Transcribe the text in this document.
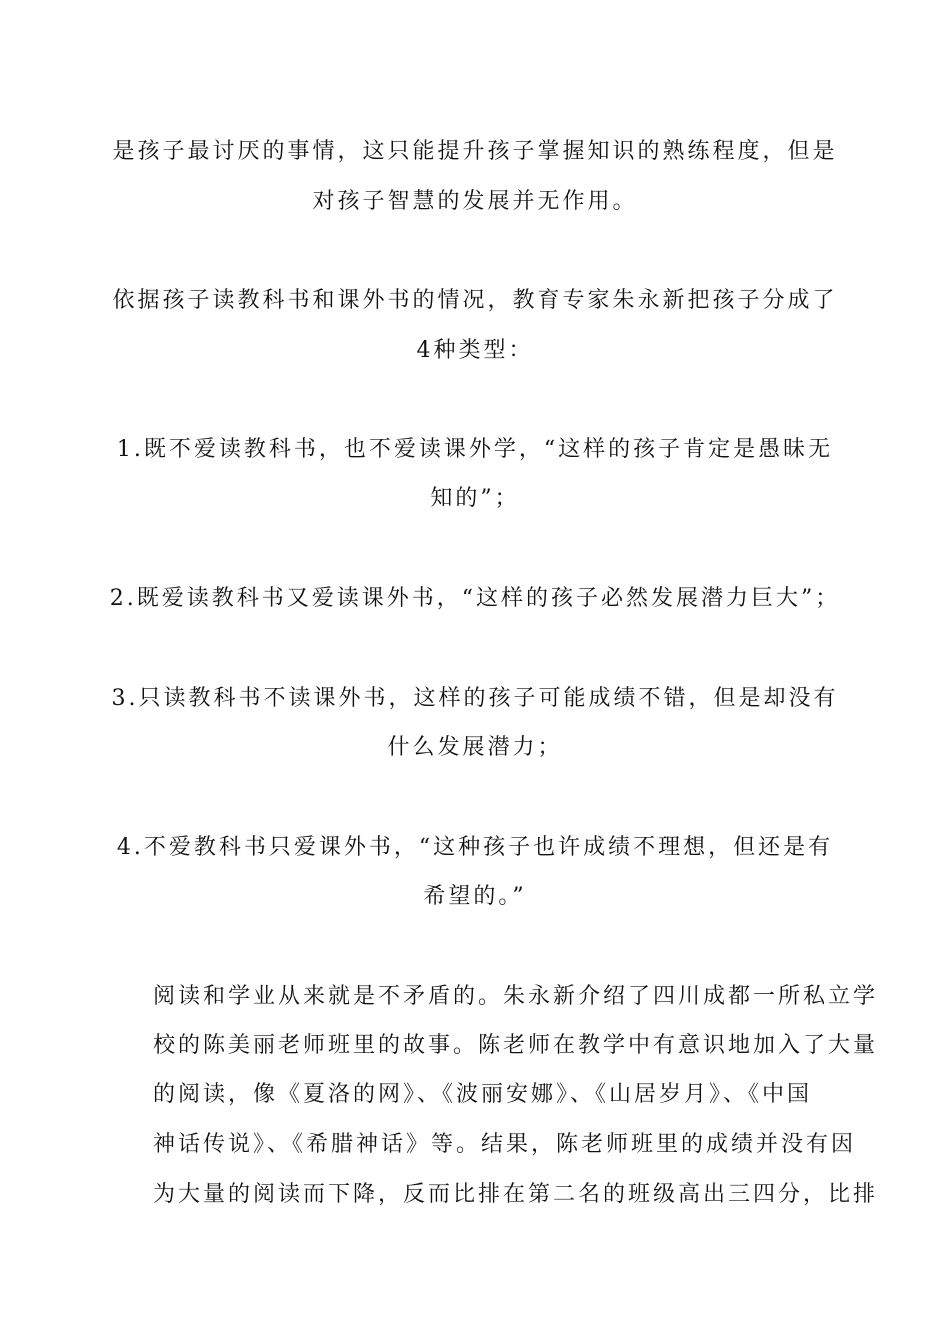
是孩子最讨厌的事情，这只能提升孩子掌握知识的熟练程度，但是
对孩子智慧的发展并无作用。
依据孩子读教科书和课外书的情况，教育专家朱永新把孩子分成了
4种类型：
1.既不爱读教科书，也不爱读课外学，“这样的孩子肯定是愚昧无
知的”；
2.既爱读教科书又爱读课外书，“这样的孩子必然发展潜力巨大”；
3.只读教科书不读课外书，这样的孩子可能成绩不错，但是却没有
什么发展潜力；
4.不爱教科书只爱课外书，“这种孩子也许成绩不理想，但还是有
希望的。”
阅读和学业从来就是不矛盾的。朱永新介绍了四川成都一所私立学
校的陈美丽老师班里的故事。陈老师在教学中有意识地加入了大量
的阅读，像《夏洛的网》、《波丽安娜》、《山居岁月》、《中国
神话传说》、《希腊神话》等。结果，陈老师班里的成绩并没有因
为大量的阅读而下降，反而比排在第二名的班级高出三四分，比排
